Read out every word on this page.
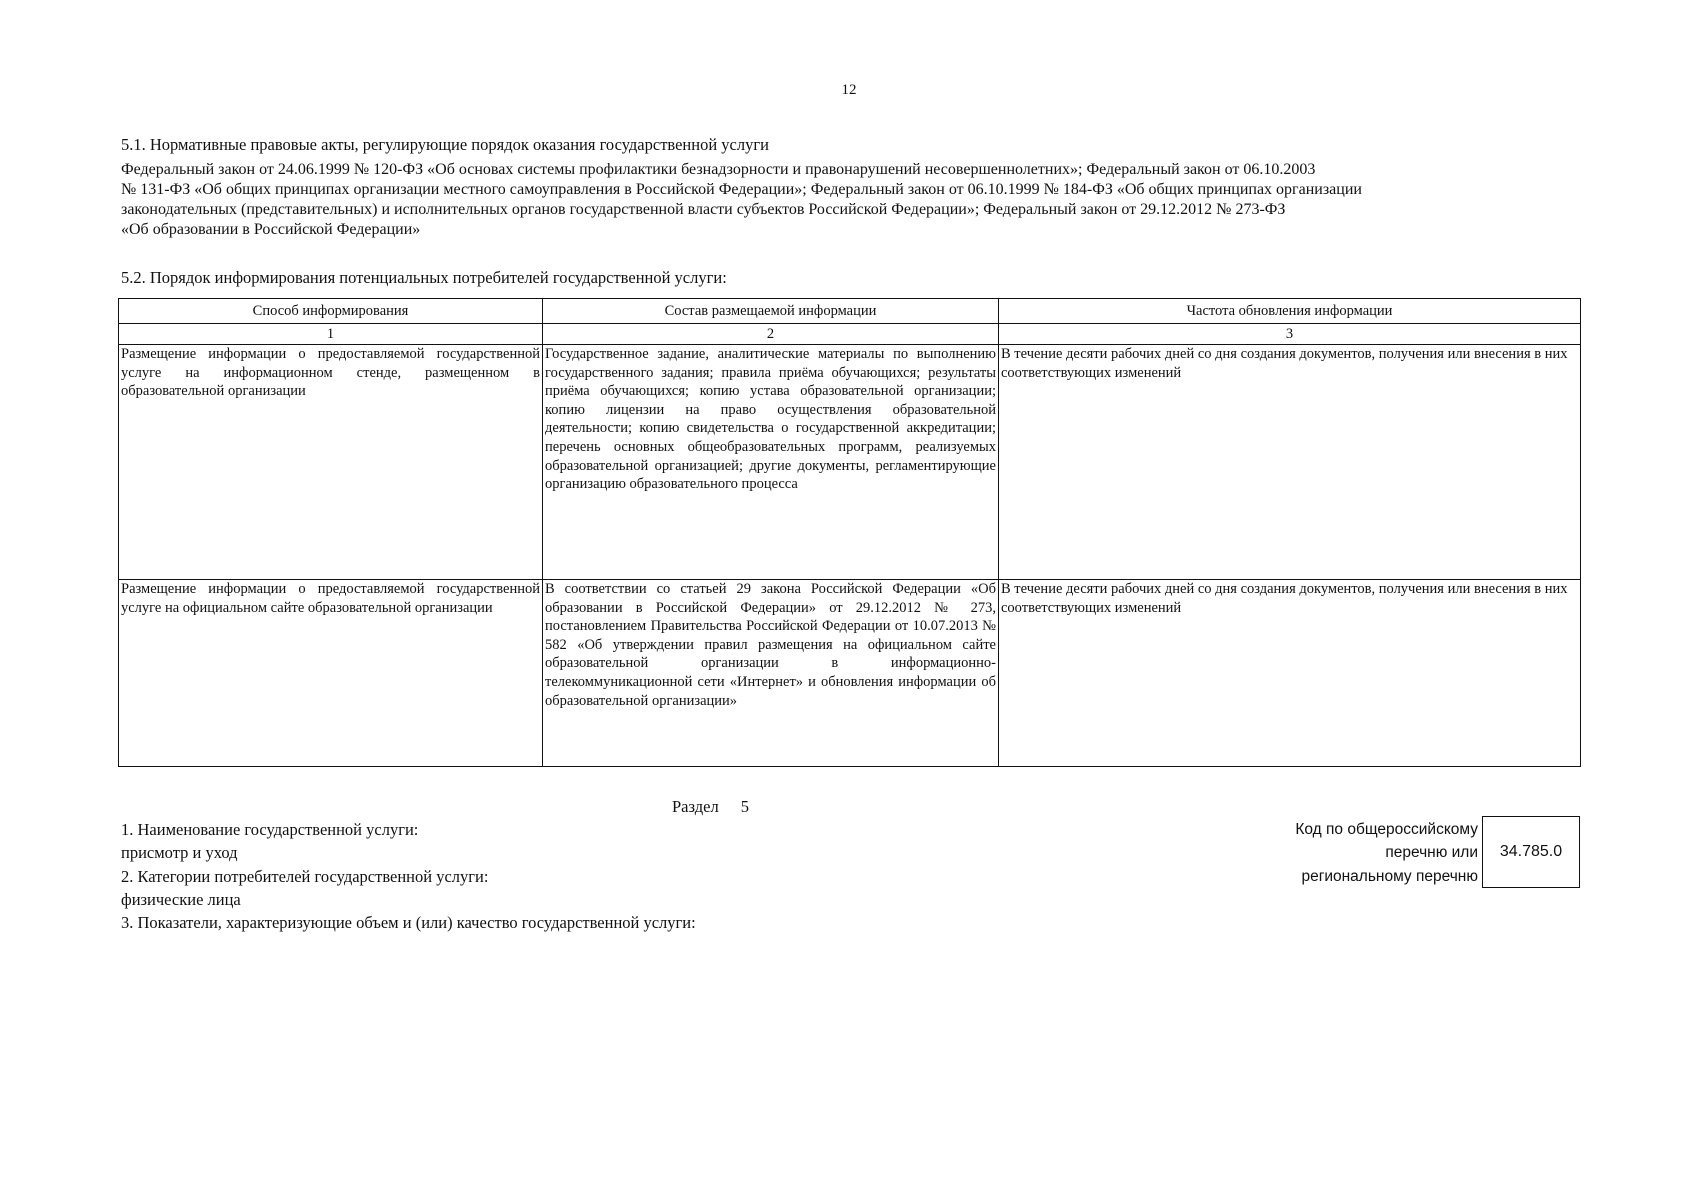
12
5.1. Нормативные правовые акты, регулирующие порядок оказания государственной услуги

Федеральный закон от 24.06.1999 № 120-ФЗ «Об основах системы профилактики безнадзорности и правонарушений несовершеннолетних»; Федеральный закон от 06.10.2003
№ 131-ФЗ «Об общих принципах организации местного самоуправления в Российской Федерации»; Федеральный закон от 06.10.1999 № 184-ФЗ «Об общих принципах организации
законодательных (представительных) и исполнительных органов государственной власти субъектов Российской Федерации»; Федеральный закон от 29.12.2012 № 273-ФЗ
«Об образовании в Российской Федерации»

5.2. Порядок информирования потенциальных потребителей государственной услуги:
Способ информирования	Состав размещаемой информации	Частота обновления информации
1	2	3
Размещение информации о предоставляемой государственной услуге на информационном стенде, размещенном в образовательной организации	Государственное задание, аналитические материалы по выполнению государственного задания; правила приёма обучающихся; результаты приёма обучающихся; копию устава образовательной организации; копию лицензии на право осуществления образовательной деятельности; копию свидетельства о государственной аккредитации; перечень основных общеобразовательных программ, реализуемых образовательной организацией; другие документы, регламентирующие организацию образовательного процесса	В течение десяти рабочих дней со дня создания документов, получения или внесения в них соответствующих изменений
Размещение информации о предоставляемой государственной услуге на официальном сайте образовательной организации	В соответствии со статьей 29 закона Российской Федерации «Об образовании в Российской Федерации» от 29.12.2012 № 273, постановлением Правительства Российской Федерации от 10.07.2013 № 582 «Об утверждении правил размещения на официальном сайте образовательной организации в информационно-телекоммуникационной сети «Интернет» и обновления информации об образовательной организации»	В течение десяти рабочих дней со дня создания документов, получения или внесения в них соответствующих изменений
Раздел 5
1. Наименование государственной услуги:
присмотр и уход
2. Категории потребителей государственной услуги:
физические лица
3. Показатели, характеризующие объем и (или) качество государственной услуги:
Код по общероссийскому
перечню или
региональному перечню
34.785.0
